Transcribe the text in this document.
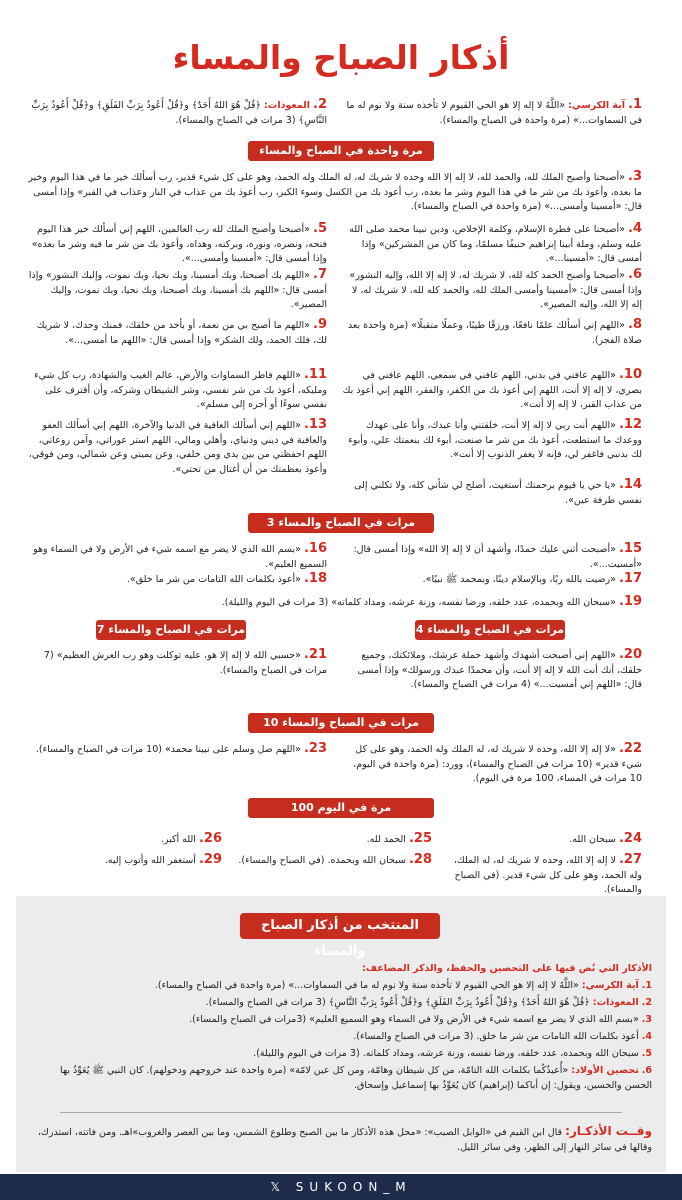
أذكار الصباح والمساء
1.آية الكرسي: «اللَّهُ لا إله إلا هو الحي القيوم لا تأخذه سنة ولا نوم له ما في السماوات...» (مرة واحدة في الصباح والمساء).
2.المعوذات: ﴿قُلْ هُوَ اللهُ أَحَدٌ﴾ و﴿قُلْ أَعُوذُ بِرَبِّ الفَلَقِ﴾ و﴿قُلْ أَعُوذُ بِرَبِّ النَّاسِ﴾ (3 مرات في الصباح والمساء).
مرة واحدة في الصباح والمساء
3.«أصبحنا وأصبح الملك لله، والحمد لله، لا إله إلا الله وحده لا شريك له، له الملك وله الحمد، وهو على كل شيء قدير، رب أسألك خير ما في هذا اليوم وخير ما بعده، وأعوذ بك من شر ما في هذا اليوم وشر ما بعده، رب أعوذ بك من الكسل وسوء الكبر، رب أعوذ بك من عذاب في النار وعذاب في القبر» وإذا أمسى قال: «أمسينا وأمسى...» (مرة واحدة في الصباح والمساء).
4.«أصبحنا على فطرة الإسلام، وكلمة الإخلاص، ودين نبينا محمد صلى الله عليه وسلم، وملة أبينا إبراهيم حنيفًا مسلمًا، وما كان من المشركين» وإذا أمسى قال: «أمسينا...».
5.«أصبحنا وأصبح الملك لله رب العالمين، اللهم إني أسألك خير هذا اليوم فتحه، ونصره، ونوره، وبركته، وهداه، وأعوذ بك من شر ما فيه وشر ما بعده» وإذا أمسى قال: «أمسينا وأمسى...».
6.«أصبحنا وأصبح الحمد كله لله، لا شريك له، لا إله إلا الله، وإليه النشور» وإذا أمسى قال: «أمسينا وأمسى الملك لله، والحمد كله لله، لا شريك له، لا إله إلا الله، وإليه المصير».
7.«اللهم بك أصبحنا، وبك أمسينا، وبك نحيا، وبك نموت، وإليك النشور» وإذا أمسى قال: «اللهم بك أمسينا، وبك أصبحنا، وبك نحيا، وبك نموت، وإليك المصير».
8.«اللهم إني أسألك علمًا نافعًا، ورزقًا طيبًا، وعملًا متقبلًا» (مرة واحدة بعد صلاة الفجر).
9.«اللهم ما أصبح بي من نعمة، أو بأحد من خلقك، فمنك وحدك، لا شريك لك، فلك الحمد، ولك الشكر» وإذا أمسى قال: «اللهم ما أمسى...».
10.«اللهم عافني في بدني، اللهم عافني في سمعي، اللهم عافني في بصري، لا إله إلا أنت، اللهم إني أعوذ بك من الكفر، والفقر، اللهم إني أعوذ بك من عذاب القبر، لا إله إلا أنت».
11.«اللهم فاطر السماوات والأرض، عالم الغيب والشهادة، رب كل شيء ومليكه، أعوذ بك من شر نفسي، وشر الشيطان وشركه، وأن أقترف على نفسي سوءًا أو أجره إلى مسلم».
12.«اللهم أنت ربي لا إله إلا أنت، خلقتني وأنا عبدك، وأنا على عهدك ووعدك ما استطعت، أعوذ بك من شر ما صنعت، أبوء لك بنعمتك علي، وأبوء لك بذنبي فاغفر لي، فإنه لا يغفر الذنوب إلا أنت».
13.«اللهم إني أسألك العافية في الدنيا والآخرة، اللهم إني أسألك العفو والعافية في ديني ودنياي، وأهلي ومالي، اللهم استر عوراتي، وآمن روعاتي، اللهم احفظني من بين يدي ومن خلفي، وعن يميني وعن شمالي، ومن فوقي، وأعوذ بعظمتك من أن أغتال من تحتي».
14.«يا حي يا قيوم برحمتك أستغيث، أصلح لي شأني كله، ولا تكلني إلى نفسي طرفة عين».
3 مرات في الصباح والمساء
15.«أصبحت أثني عليك حمدًا، وأشهد أن لا إله إلا الله» وإذا أمسى قال: «أمسيت...».
16.«بسم الله الذي لا يضر مع اسمه شيء في الأرض ولا في السماء وهو السميع العليم».
17.«رضيت بالله ربًا، وبالإسلام دينًا، وبمحمد ﷺ نبيًا».
18.«أعوذ بكلمات الله التامات من شر ما خلق».
19.«سبحان الله وبحمده، عدد خلقه، ورضا نفسه، وزنة عرشه، ومداد كلماته» (3 مرات في اليوم والليلة).
4 مرات في الصباح والمساء
7 مرات في الصباح والمساء
20.«اللهم إني أصبحت أشهدك وأشهد حملة عرشك، وملائكتك، وجميع خلقك، أنك أنت الله لا إله إلا أنت، وأن محمدًا عبدك ورسولك» وإذا أمسى قال: «اللهم إني أمسيت...» (4 مرات في الصباح والمساء).
21.«حسبي الله لا إله إلا هو، عليه توكلت وهو رب العرش العظيم» (7 مرات في الصباح والمساء).
10 مرات في الصباح والمساء
22.«لا إله إلا الله، وحده لا شريك له، له الملك وله الحمد، وهو على كل شيء قدير» (10 مرات في الصباح والمساء)، وورد: (مرة واحدة في اليوم، 10 مرات في المساء، 100 مرة في اليوم).
23.«اللهم صل وسلم على نبينا محمد» (10 مرات في الصباح والمساء).
100 مرة في اليوم
24.سبحان الله.
25.الحمد لله.
26.الله أكبر.
27.لا إله إلا الله، وحده لا شريك له، له الملك، وله الحمد، وهو على كل شيء قدير. (في الصباح والمساء).
28.سبحان الله وبحمده. (في الصباح والمساء).
29.أستغفر الله وأتوب إليه.
المنتخب من أذكار الصباح والمساء
الأذكار التي نُص فيها على التحصين والحفظ، والذكر المضاعف:
1.آية الكرسي: «اللَّهُ لا إله إلا هو الحي القيوم لا تأخذه سنة ولا نوم له ما في السماوات...» (مرة واحدة في الصباح والمساء).
2.المعوذات: ﴿قُلْ هُوَ اللهُ أَحَدٌ﴾ و﴿قُلْ أَعُوذُ بِرَبِّ الفَلَقِ﴾ و﴿قُلْ أَعُوذُ بِرَبِّ النَّاسِ﴾ (3 مرات في الصباح والمساء).
3.«بسم الله الذي لا يضر مع اسمه شيء في الأرض ولا في السماء وهو السميع العليم» (3مرات في الصباح والمساء).
4.أعوذ بكلمات الله التامات من شر ما خلق. (3 مرات في الصباح والمساء).
5.سبحان الله وبحمده، عدد خلقه، ورضا نفسه، وزنة عرشه، ومداد كلماته. (3 مرات في اليوم والليلة).
6.تحصين الأولاد: «أُعيذُكُما بكلمات الله التامّة، من كل شيطان وهامّة، ومن كل عين لامّة» (مرة واحدة عند خروجهم ودخولهم). كان النبي ﷺ يُعَوِّذُ بها الحسن والحسين، ويقول: إن أباكما (إبراهيم) كان يُعَوِّذُ بها إسماعيل وإسحاق.
وقــت الأذكـار: قال ابن القيم في «الوابل الصيب»: «محل هذه الأذكار ما بين الصبح وطلوع الشمس، وما بين العصر والغروب»اهـ. ومن فاتته، استدرك، وقالها في سائر النهار إلى الظهر، وفي سائر الليل.
𝕏 SUKOON_M
